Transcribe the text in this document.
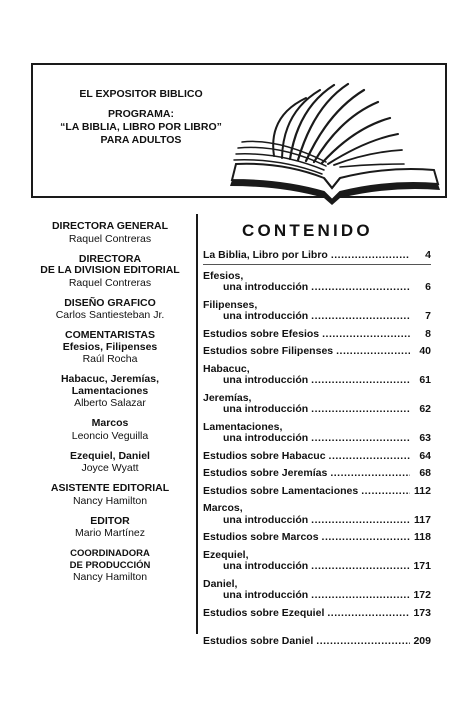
EL EXPOSITOR BIBLICO
PROGRAMA:
“LA BIBLIA, LIBRO POR LIBRO”
PARA ADULTOS
DIRECTORA GENERAL
Raquel Contreras
DIRECTORA
DE LA DIVISION EDITORIAL
Raquel Contreras
DISEÑO GRAFICO
Carlos Santiesteban Jr.
COMENTARISTAS
Efesios, Filipenses
Raúl Rocha
Habacuc, Jeremías,
Lamentaciones
Alberto Salazar
Marcos
Leoncio Veguilla
Ezequiel, Daniel
Joyce Wyatt
ASISTENTE EDITORIAL
Nancy Hamilton
EDITOR
Mario Martínez
COORDINADORA
DE PRODUCCIÓN
Nancy Hamilton
CONTENIDO
La Biblia, Libro por Libro .....	4
Efesios,
una introducción .....	6
Filipenses,
una introducción .....	7
Estudios sobre Efesios .....	8
Estudios sobre Filipenses .....	40
Habacuc,
una introducción .....	61
Jeremías,
una introducción .....	62
Lamentaciones,
una introducción .....	63
Estudios sobre Habacuc .....	64
Estudios sobre Jeremías .....	68
Estudios sobre Lamentaciones .....	112
Marcos,
una introducción .....	117
Estudios sobre Marcos .....	118
Ezequiel,
una introducción .....	171
Daniel,
una introducción .....	172
Estudios sobre Ezequiel .....	173
Estudios sobre Daniel .....	209
